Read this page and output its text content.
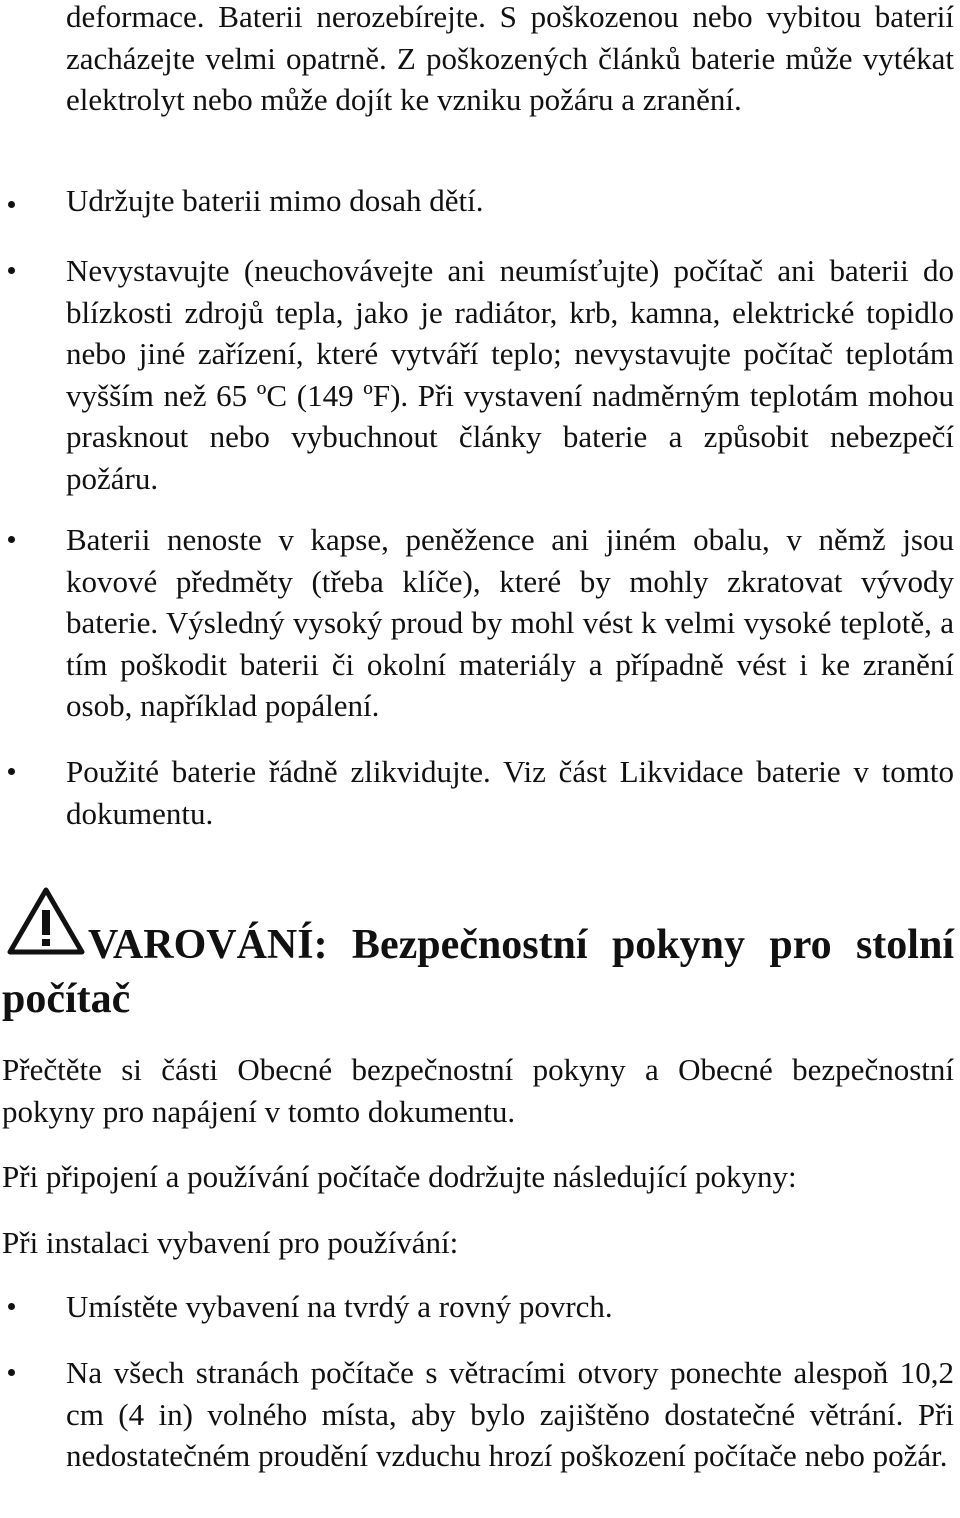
deformace. Baterii nerozebírejte. S poškozenou nebo vybitou baterií zacházejte velmi opatrně. Z poškozených článků baterie může vytékat elektrolyt nebo může dojít ke vzniku požáru a zranění.
Udržujte baterii mimo dosah dětí.
Nevystavujte (neuchovávejte ani neumísťujte) počítač ani baterii do blízkosti zdrojů tepla, jako je radiátor, krb, kamna, elektrické topidlo nebo jiné zařízení, které vytváří teplo; nevystavujte počítač teplotám vyšším než 65 ºC (149 ºF). Při vystavení nadměrným teplotám mohou prasknout nebo vybuchnout články baterie a způsobit nebezpečí požáru.
Baterii nenoste v kapse, peněžence ani jiném obalu, v němž jsou kovové předměty (třeba klíče), které by mohly zkratovat vývody baterie. Výsledný vysoký proud by mohl vést k velmi vysoké teplotě, a tím poškodit baterii či okolní materiály a případně vést i ke zranění osob, například popálení.
Použité baterie řádně zlikvidujte. Viz část Likvidace baterie v tomto dokumentu.
VAROVÁNÍ: Bezpečnostní pokyny pro stolní počítač
Přečtěte si části Obecné bezpečnostní pokyny a Obecné bezpečnostní pokyny pro napájení v tomto dokumentu.
Při připojení a používání počítače dodržujte následující pokyny:
Při instalaci vybavení pro používání:
Umístěte vybavení na tvrdý a rovný povrch.
Na všech stranách počítače s větracími otvory ponechte alespoň 10,2 cm (4 in) volného místa, aby bylo zajištěno dostatečné větrání. Při nedostatečném proudění vzduchu hrozí poškození počítače nebo požár.
